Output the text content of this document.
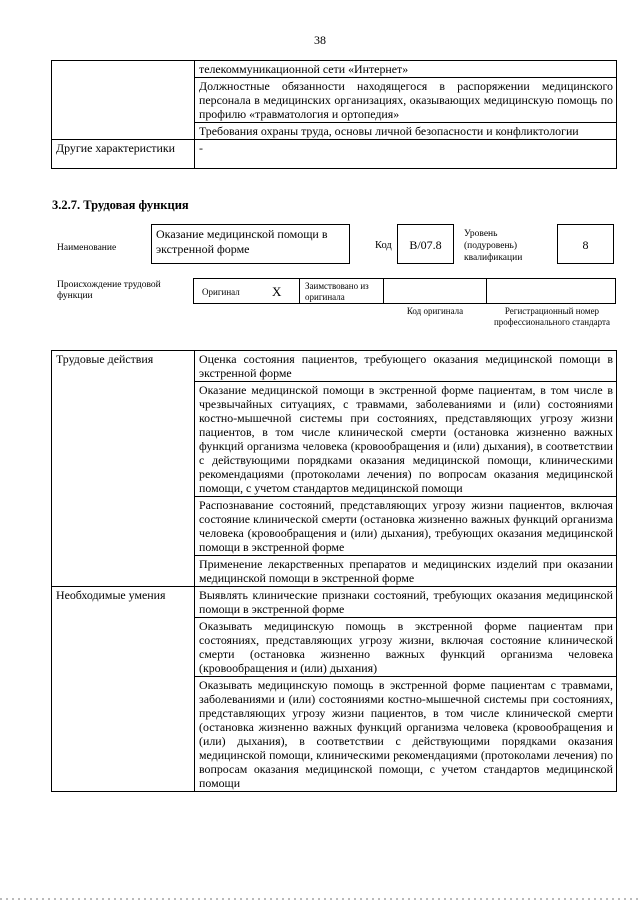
38
	телекоммуникационной сети «Интернет»
	Должностные обязанности находящегося в распоряжении медицинского персонала в медицинских организациях, оказывающих медицинскую помощь по профилю «травматология и ортопедия»
	Требования охраны труда, основы личной безопасности и конфликтологии
Другие характеристики	-
3.2.7. Трудовая функция
Наименование
Оказание медицинской помощи в экстренной форме	Код	B/07.8
Уровень (подуровень) квалификации
8
Происхождение трудовой функции	Оригинал X	Заимствовано из оригинала
Код оригинала	Регистрационный номер профессионального стандарта
Трудовые действия	Оценка состояния пациентов, требующего оказания медицинской помощи в экстренной форме
	Оказание медицинской помощи в экстренной форме пациентам, в том числе в чрезвычайных ситуациях, с травмами, заболеваниями и (или) состояниями костно-мышечной системы при состояниях, представляющих угрозу жизни пациентов, в том числе клинической смерти (остановка жизненно важных функций организма человека (кровообращения и (или) дыхания), в соответствии с действующими порядками оказания медицинской помощи, клиническими рекомендациями (протоколами лечения) по вопросам оказания медицинской помощи, с учетом стандартов медицинской помощи
	Распознавание состояний, представляющих угрозу жизни пациентов, включая состояние клинической смерти (остановка жизненно важных функций организма человека (кровообращения и (или) дыхания), требующих оказания медицинской помощи в экстренной форме
	Применение лекарственных препаратов и медицинских изделий при оказании медицинской помощи в экстренной форме
Необходимые умения	Выявлять клинические признаки состояний, требующих оказания медицинской помощи в экстренной форме
	Оказывать медицинскую помощь в экстренной форме пациентам при состояниях, представляющих угрозу жизни, включая состояние клинической смерти (остановка жизненно важных функций организма человека (кровообращения и (или) дыхания)
	Оказывать медицинскую помощь в экстренной форме пациентам с травмами, заболеваниями и (или) состояниями костно-мышечной системы при состояниях, представляющих угрозу жизни пациентов, в том числе клинической смерти (остановка жизненно важных функций организма человека (кровообращения и (или) дыхания), в соответствии с действующими порядками оказания медицинской помощи, клиническими рекомендациями (протоколами лечения) по вопросам оказания медицинской помощи, с учетом стандартов медицинской помощи
